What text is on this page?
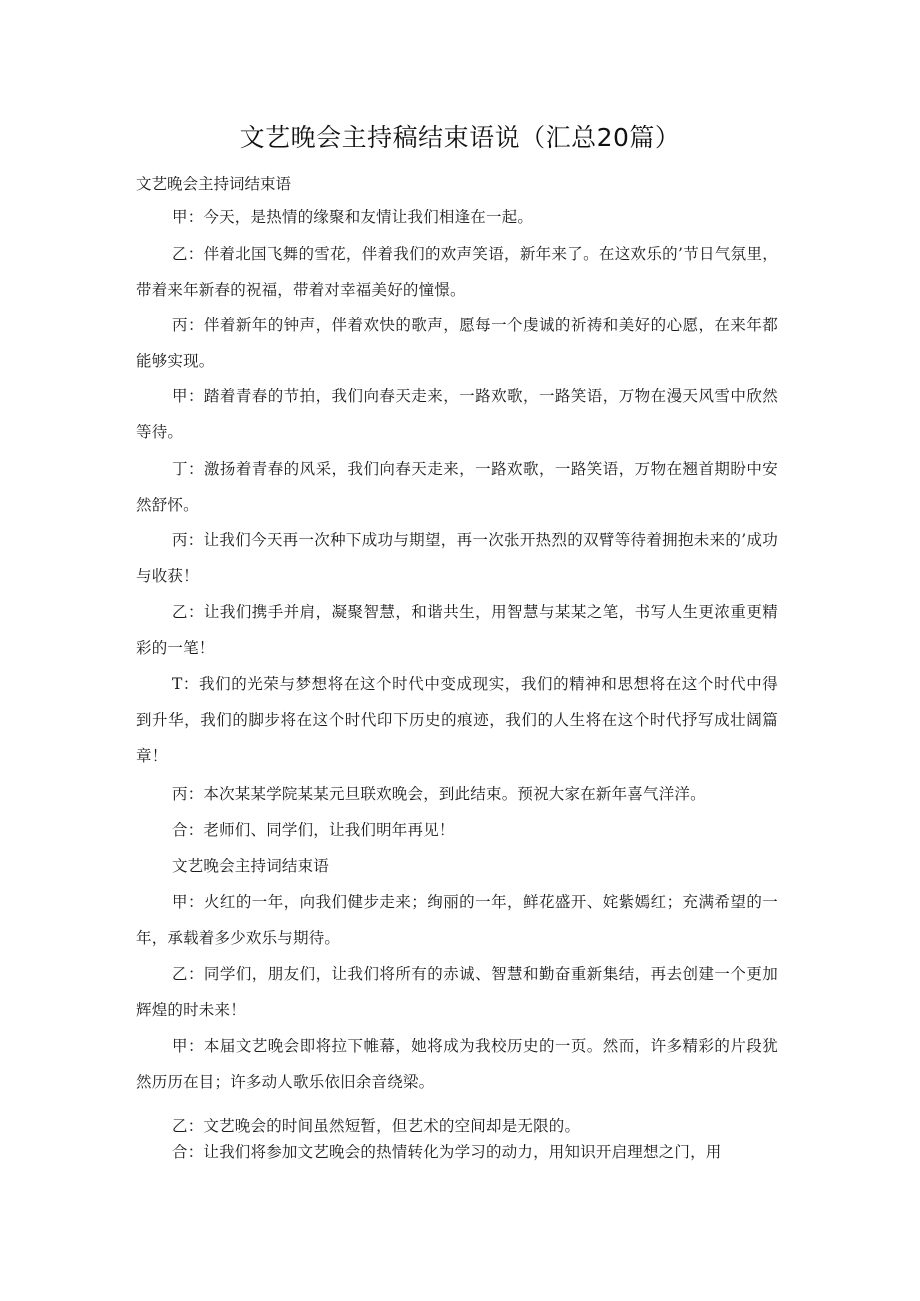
文艺晚会主持稿结束语说（汇总20篇）
文艺晚会主持词结束语
甲：今天，是热情的缘聚和友情让我们相逢在一起。
乙：伴着北国飞舞的雪花，伴着我们的欢声笑语，新年来了。在这欢乐的’节日气氛里，带着来年新春的祝福，带着对幸福美好的憧憬。
丙：伴着新年的钟声，伴着欢快的歌声，愿每一个虔诚的祈祷和美好的心愿，在来年都能够实现。
甲：踏着青春的节拍，我们向春天走来，一路欢歌，一路笑语，万物在漫天风雪中欣然等待。
丁：激扬着青春的风采，我们向春天走来，一路欢歌，一路笑语，万物在翘首期盼中安然舒怀。
丙：让我们今天再一次种下成功与期望，再一次张开热烈的双臂等待着拥抱未来的’成功与收获！
乙：让我们携手并肩，凝聚智慧，和谐共生，用智慧与某某之笔，书写人生更浓重更精彩的一笔！
T：我们的光荣与梦想将在这个时代中变成现实，我们的精神和思想将在这个时代中得到升华，我们的脚步将在这个时代印下历史的痕迹，我们的人生将在这个时代抒写成壮阔篇章！
丙：本次某某学院某某元旦联欢晚会，到此结束。预祝大家在新年喜气洋洋。
合：老师们、同学们，让我们明年再见！
文艺晚会主持词结束语
甲：火红的一年，向我们健步走来；绚丽的一年，鲜花盛开、姹紫嫣红；充满希望的一年，承载着多少欢乐与期待。
乙：同学们，朋友们，让我们将所有的赤诚、智慧和勤奋重新集结，再去创建一个更加辉煌的时未来！
甲：本届文艺晚会即将拉下帷幕，她将成为我校历史的一页。然而，许多精彩的片段犹然历历在目；许多动人歌乐依旧余音绕梁。
乙：文艺晚会的时间虽然短暂，但艺术的空间却是无限的。
合：让我们将参加文艺晚会的热情转化为学习的动力，用知识开启理想之门，用
